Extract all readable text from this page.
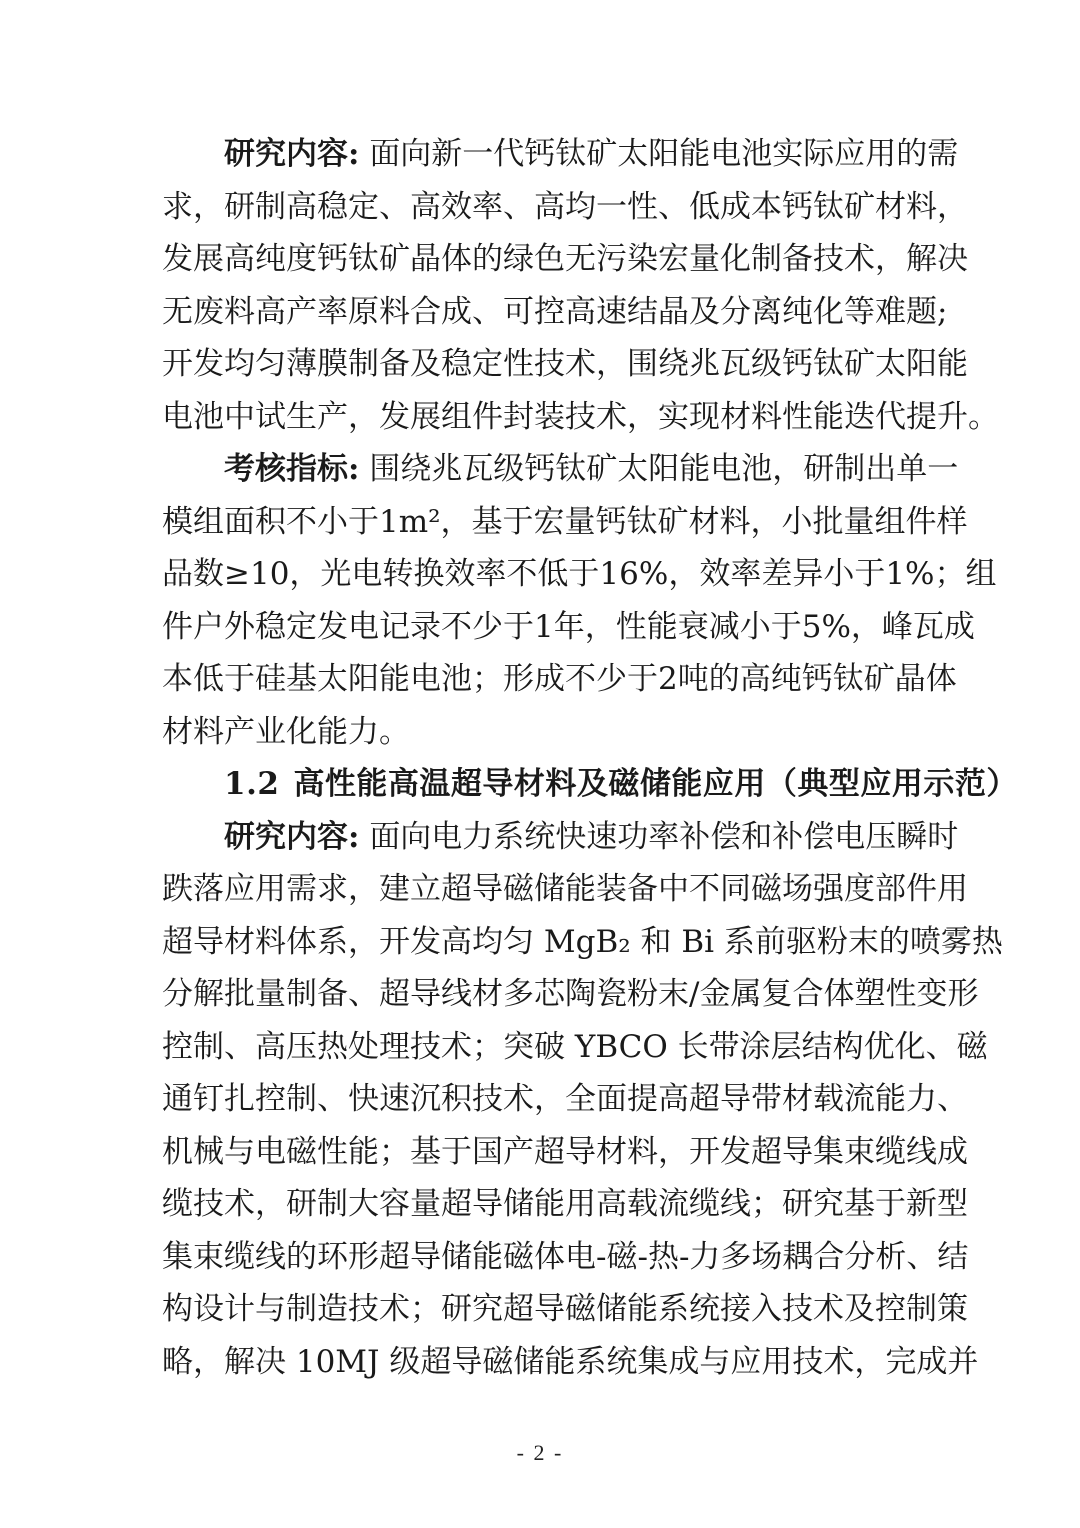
研究内容: 面向新一代钙钛矿太阳能电池实际应用的需
求，研制高稳定、高效率、高均一性、低成本钙钛矿材料，
发展高纯度钙钛矿晶体的绿色无污染宏量化制备技术，解决
无废料高产率原料合成、可控高速结晶及分离纯化等难题;
开发均匀薄膜制备及稳定性技术，围绕兆瓦级钙钛矿太阳能
电池中试生产，发展组件封装技术，实现材料性能迭代提升。
考核指标: 围绕兆瓦级钙钛矿太阳能电池，研制出单一
模组面积不小于1m²，基于宏量钙钛矿材料，小批量组件样
品数≥10，光电转换效率不低于16%，效率差异小于1%；组
件户外稳定发电记录不少于1年，性能衰减小于5%，峰瓦成
本低于硅基太阳能电池；形成不少于2吨的高纯钙钛矿晶体
材料产业化能力。
1.2 高性能高温超导材料及磁储能应用（典型应用示范）
研究内容: 面向电力系统快速功率补偿和补偿电压瞬时
跌落应用需求，建立超导磁储能装备中不同磁场强度部件用
超导材料体系，开发高均匀 MgB₂ 和 Bi 系前驱粉末的喷雾热
分解批量制备、超导线材多芯陶瓷粉末/金属复合体塑性变形
控制、高压热处理技术；突破 YBCO 长带涂层结构优化、磁
通钉扎控制、快速沉积技术，全面提高超导带材载流能力、
机械与电磁性能；基于国产超导材料，开发超导集束缆线成
缆技术，研制大容量超导储能用高载流缆线；研究基于新型
集束缆线的环形超导储能磁体电-磁-热-力多场耦合分析、结
构设计与制造技术；研究超导磁储能系统接入技术及控制策
略，解决 10MJ 级超导磁储能系统集成与应用技术，完成并
- 2 -
